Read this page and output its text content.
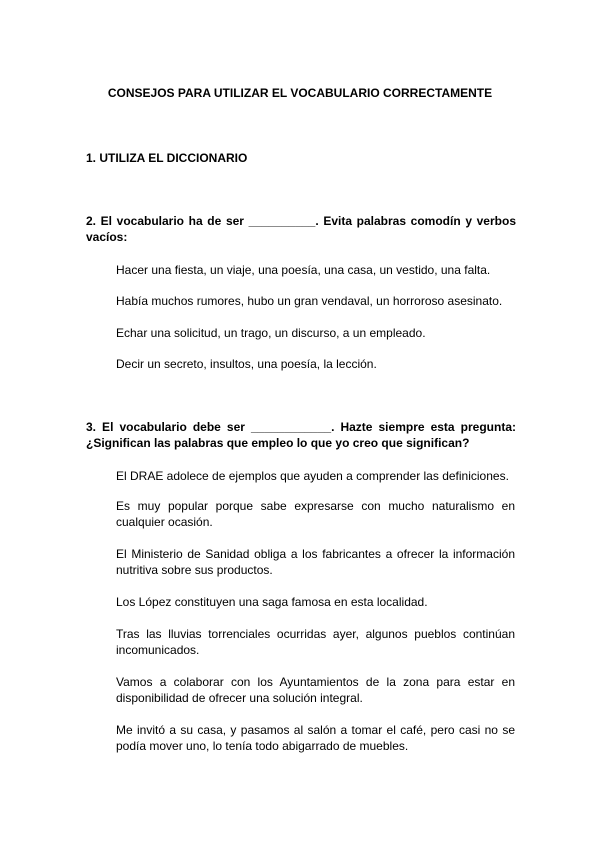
CONSEJOS PARA UTILIZAR EL VOCABULARIO CORRECTAMENTE
1. UTILIZA EL DICCIONARIO
2. El vocabulario ha de ser __________. Evita palabras comodín y verbos vacíos:
Hacer una fiesta, un viaje, una poesía, una casa, un vestido, una falta.
Había muchos rumores, hubo un gran vendaval, un horroroso asesinato.
Echar una solicitud, un trago, un discurso, a un empleado.
Decir un secreto, insultos, una poesía, la lección.
3. El vocabulario debe ser ____________. Hazte siempre esta pregunta: ¿Significan las palabras que empleo lo que yo creo que significan?
El DRAE adolece de ejemplos que ayuden a comprender las definiciones.
Es muy popular porque sabe expresarse con mucho naturalismo en cualquier ocasión.
El Ministerio de Sanidad obliga a los fabricantes a ofrecer la información nutritiva sobre sus productos.
Los López constituyen una saga famosa en esta localidad.
Tras las lluvias torrenciales ocurridas ayer, algunos pueblos continúan incomunicados.
Vamos a colaborar con los Ayuntamientos de la zona para estar en disponibilidad de ofrecer una solución integral.
Me invitó a su casa, y pasamos al salón a tomar el café, pero casi no se podía mover uno, lo tenía todo abigarrado de muebles.
